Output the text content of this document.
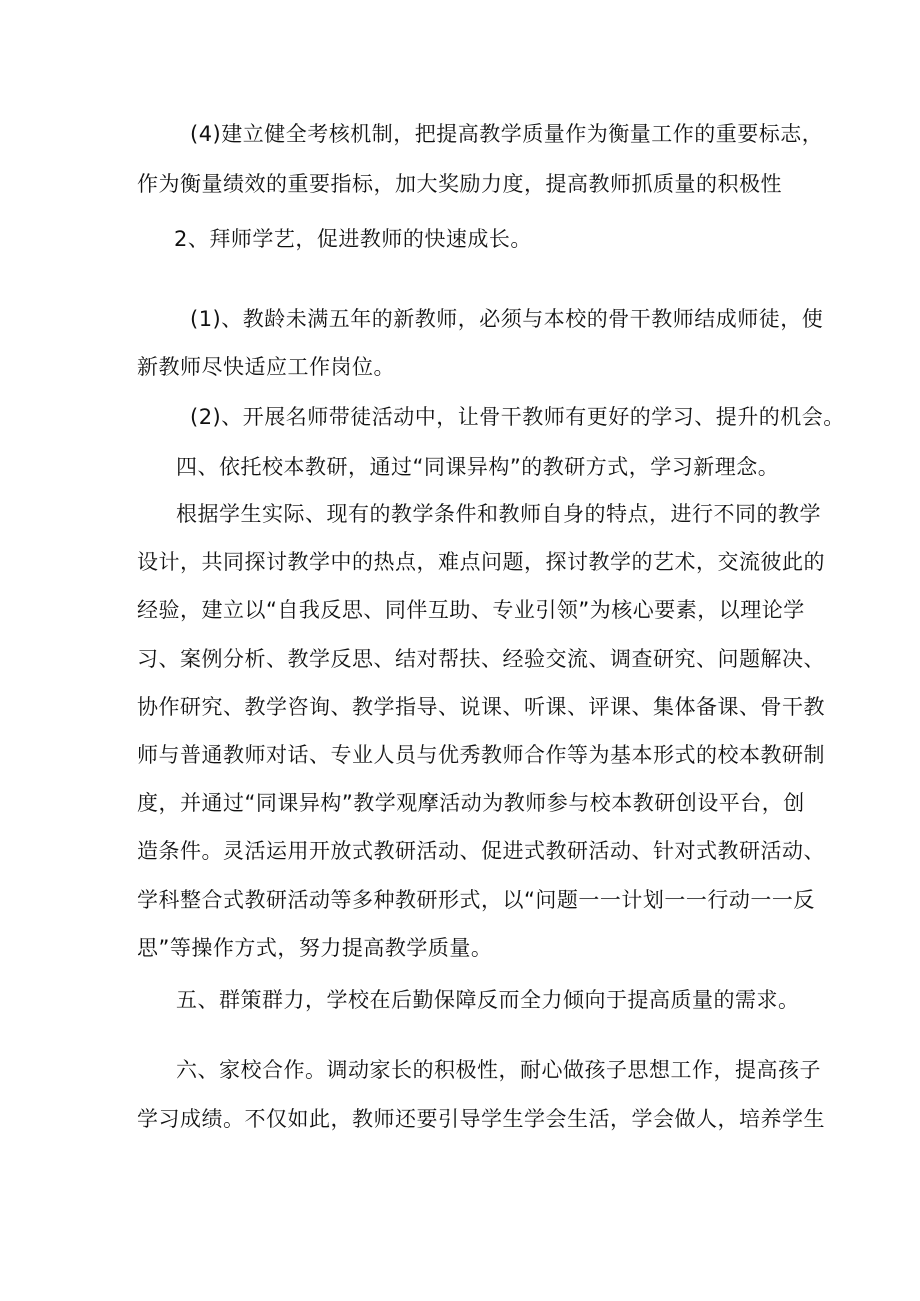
(4)建立健全考核机制，把提高教学质量作为衡量工作的重要标志，
作为衡量绩效的重要指标，加大奖励力度，提高教师抓质量的积极性
2、拜师学艺，促进教师的快速成长。
(1)、教龄未满五年的新教师，必须与本校的骨干教师结成师徒，使
新教师尽快适应工作岗位。
(2)、开展名师带徒活动中，让骨干教师有更好的学习、提升的机会。
四、依托校本教研，通过“同课异构”的教研方式，学习新理念。
根据学生实际、现有的教学条件和教师自身的特点，进行不同的教学
设计，共同探讨教学中的热点，难点问题，探讨教学的艺术，交流彼此的
经验，建立以“自我反思、同伴互助、专业引领”为核心要素，以理论学
习、案例分析、教学反思、结对帮扶、经验交流、调查研究、问题解决、
协作研究、教学咨询、教学指导、说课、听课、评课、集体备课、骨干教
师与普通教师对话、专业人员与优秀教师合作等为基本形式的校本教研制
度，并通过“同课异构”教学观摩活动为教师参与校本教研创设平台，创
造条件。灵活运用开放式教研活动、促进式教研活动、针对式教研活动、
学科整合式教研活动等多种教研形式，以“问题一一计划一一行动一一反
思”等操作方式，努力提高教学质量。
五、群策群力，学校在后勤保障反而全力倾向于提高质量的需求。
六、家校合作。调动家长的积极性，耐心做孩子思想工作，提高孩子
学习成绩。不仅如此，教师还要引导学生学会生活，学会做人，培养学生
